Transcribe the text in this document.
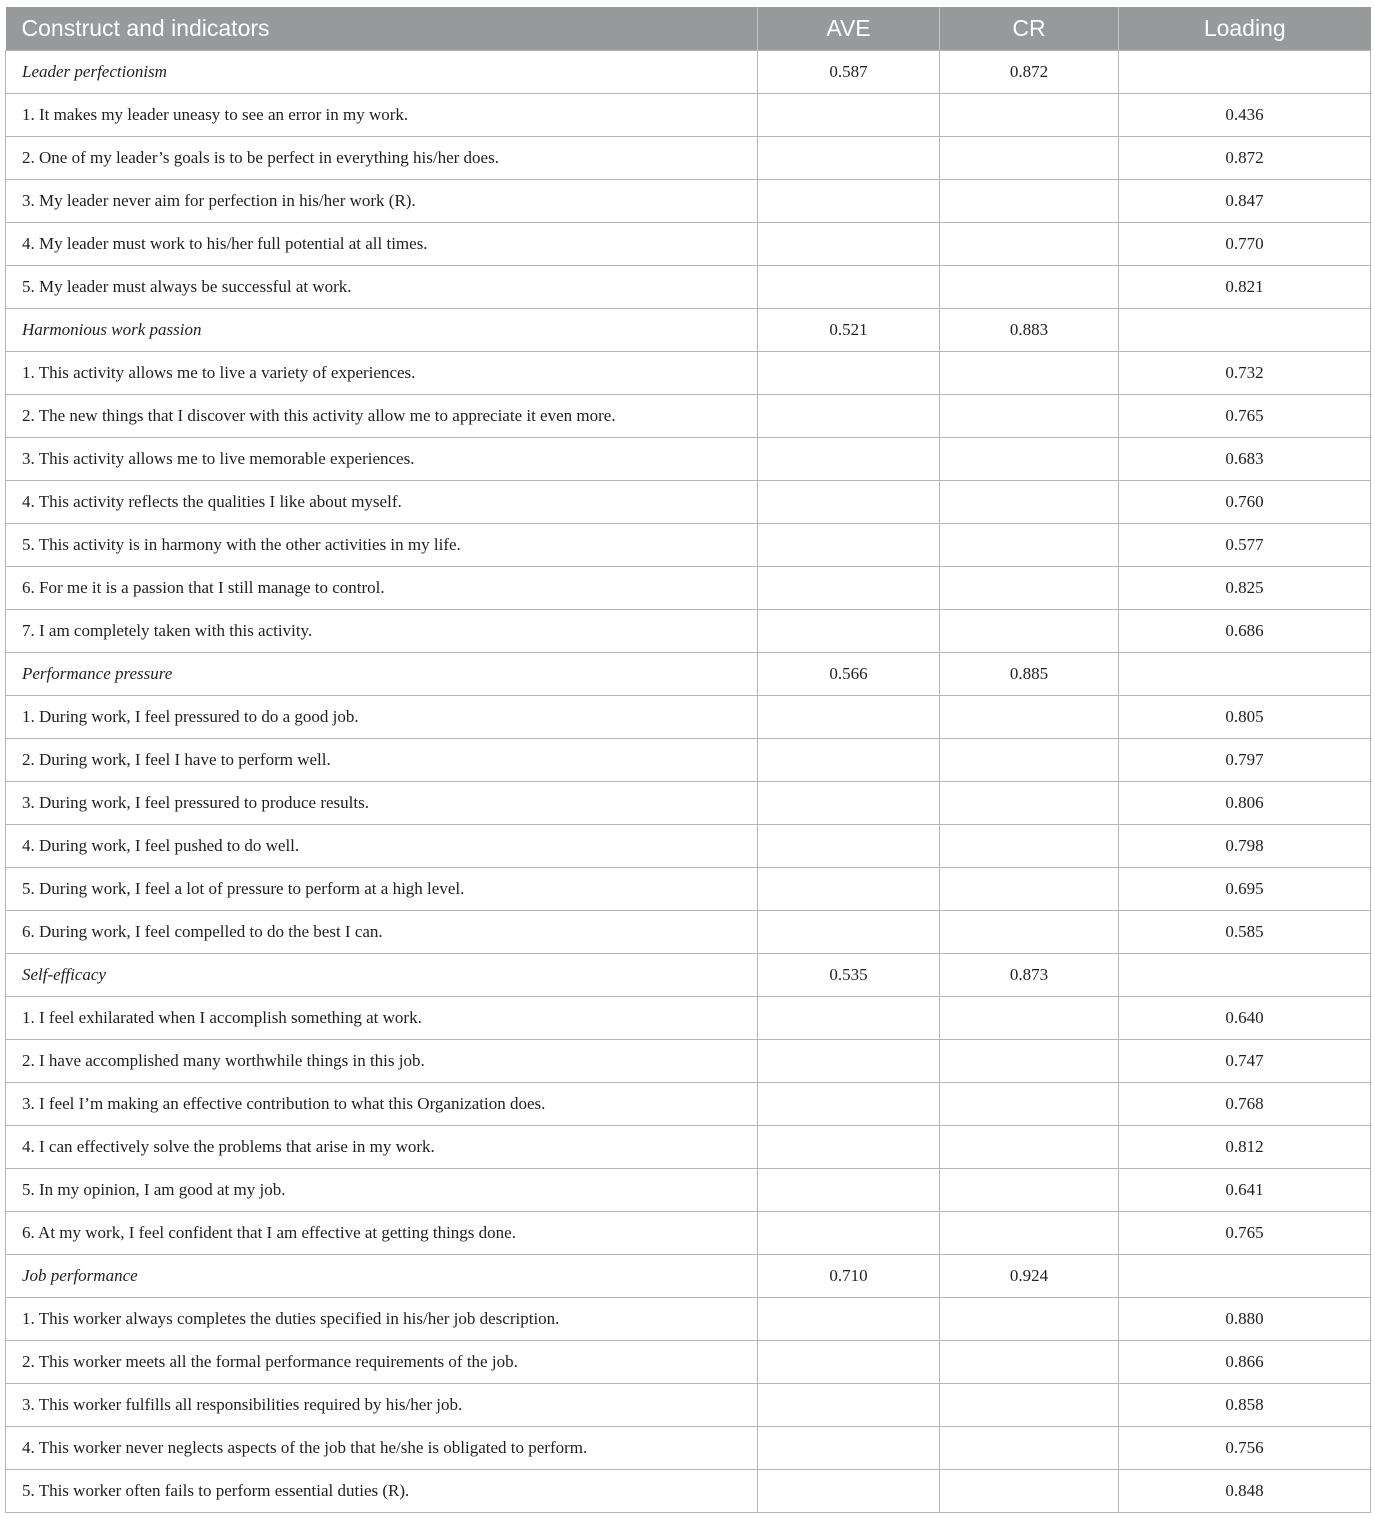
Construct and indicators	AVE	CR	Loading
Leader perfectionism	0.587	0.872	
1. It makes my leader uneasy to see an error in my work.			0.436
2. One of my leader’s goals is to be perfect in everything his/her does.			0.872
3. My leader never aim for perfection in his/her work (R).			0.847
4. My leader must work to his/her full potential at all times.			0.770
5. My leader must always be successful at work.			0.821
Harmonious work passion	0.521	0.883	
1. This activity allows me to live a variety of experiences.			0.732
2. The new things that I discover with this activity allow me to appreciate it even more.			0.765
3. This activity allows me to live memorable experiences.			0.683
4. This activity reflects the qualities I like about myself.			0.760
5. This activity is in harmony with the other activities in my life.			0.577
6. For me it is a passion that I still manage to control.			0.825
7. I am completely taken with this activity.			0.686
Performance pressure	0.566	0.885	
1. During work, I feel pressured to do a good job.			0.805
2. During work, I feel I have to perform well.			0.797
3. During work, I feel pressured to produce results.			0.806
4. During work, I feel pushed to do well.			0.798
5. During work, I feel a lot of pressure to perform at a high level.			0.695
6. During work, I feel compelled to do the best I can.			0.585
Self-efficacy	0.535	0.873	
1. I feel exhilarated when I accomplish something at work.			0.640
2. I have accomplished many worthwhile things in this job.			0.747
3. I feel I’m making an effective contribution to what this Organization does.			0.768
4. I can effectively solve the problems that arise in my work.			0.812
5. In my opinion, I am good at my job.			0.641
6. At my work, I feel confident that I am effective at getting things done.			0.765
Job performance	0.710	0.924	
1. This worker always completes the duties specified in his/her job description.			0.880
2. This worker meets all the formal performance requirements of the job.			0.866
3. This worker fulfills all responsibilities required by his/her job.			0.858
4. This worker never neglects aspects of the job that he/she is obligated to perform.			0.756
5. This worker often fails to perform essential duties (R).			0.848
